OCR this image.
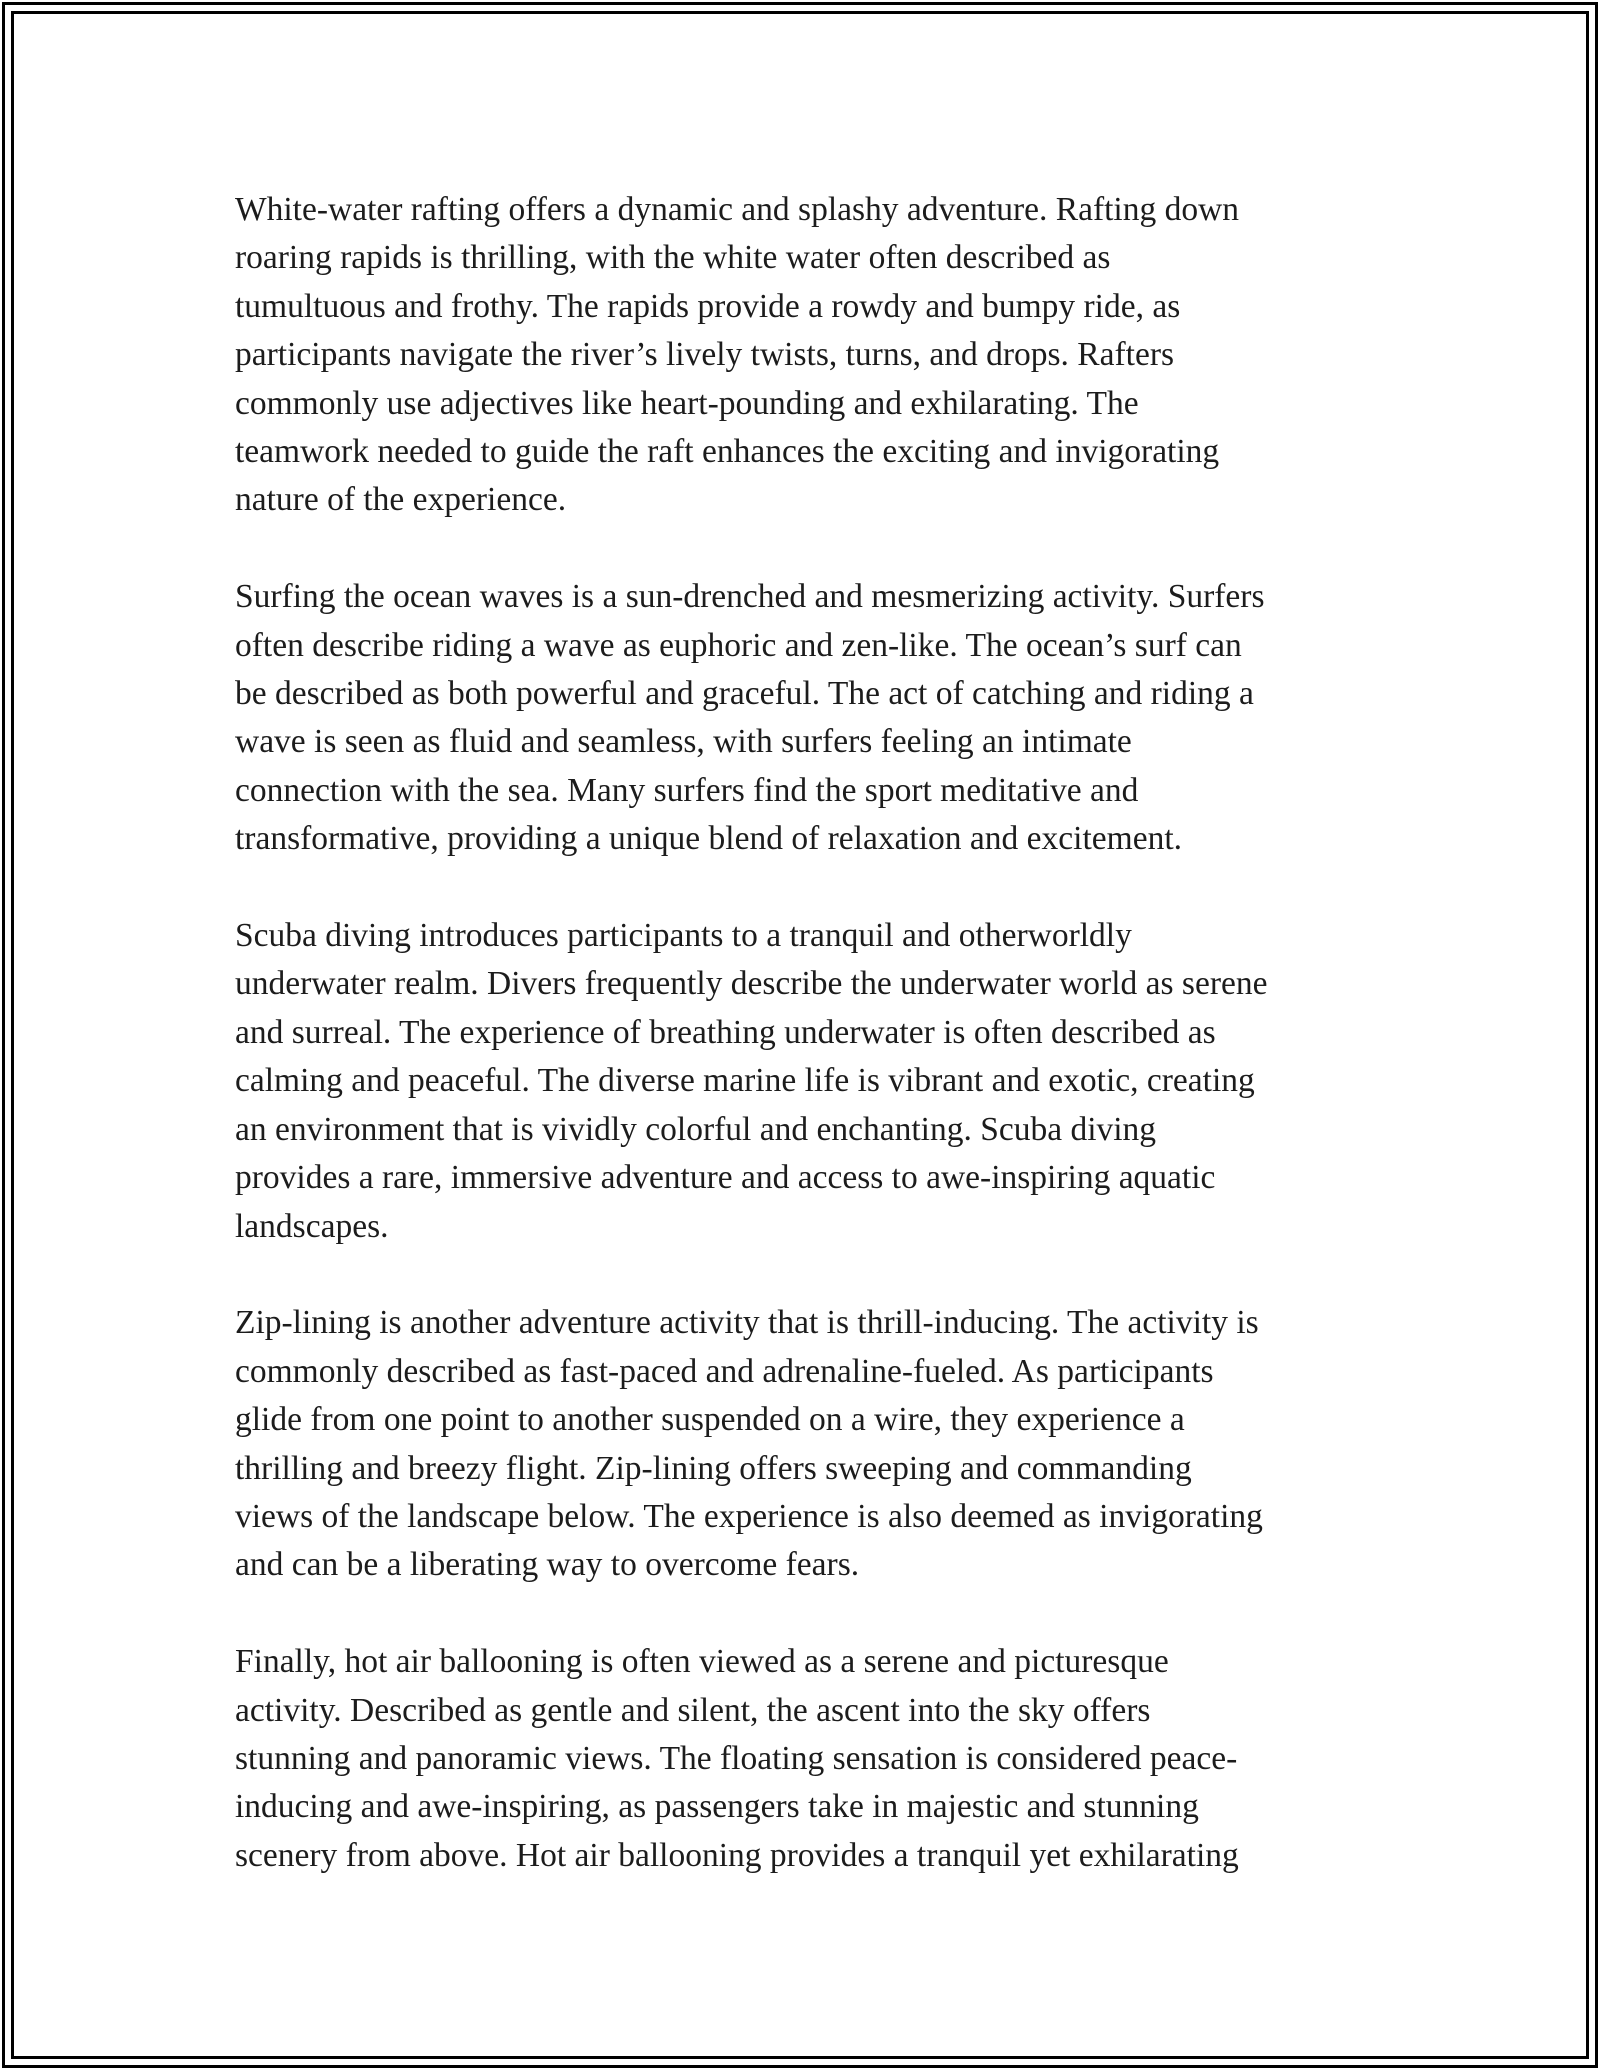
White-water rafting offers a dynamic and splashy adventure. Rafting down
roaring rapids is thrilling, with the white water often described as
tumultuous and frothy. The rapids provide a rowdy and bumpy ride, as
participants navigate the river’s lively twists, turns, and drops. Rafters
commonly use adjectives like heart-pounding and exhilarating. The
teamwork needed to guide the raft enhances the exciting and invigorating
nature of the experience.
Surfing the ocean waves is a sun-drenched and mesmerizing activity. Surfers
often describe riding a wave as euphoric and zen-like. The ocean’s surf can
be described as both powerful and graceful. The act of catching and riding a
wave is seen as fluid and seamless, with surfers feeling an intimate
connection with the sea. Many surfers find the sport meditative and
transformative, providing a unique blend of relaxation and excitement.
Scuba diving introduces participants to a tranquil and otherworldly
underwater realm. Divers frequently describe the underwater world as serene
and surreal. The experience of breathing underwater is often described as
calming and peaceful. The diverse marine life is vibrant and exotic, creating
an environment that is vividly colorful and enchanting. Scuba diving
provides a rare, immersive adventure and access to awe-inspiring aquatic
landscapes.
Zip-lining is another adventure activity that is thrill-inducing. The activity is
commonly described as fast-paced and adrenaline-fueled. As participants
glide from one point to another suspended on a wire, they experience a
thrilling and breezy flight. Zip-lining offers sweeping and commanding
views of the landscape below. The experience is also deemed as invigorating
and can be a liberating way to overcome fears.
Finally, hot air ballooning is often viewed as a serene and picturesque
activity. Described as gentle and silent, the ascent into the sky offers
stunning and panoramic views. The floating sensation is considered peace-
inducing and awe-inspiring, as passengers take in majestic and stunning
scenery from above. Hot air ballooning provides a tranquil yet exhilarating
